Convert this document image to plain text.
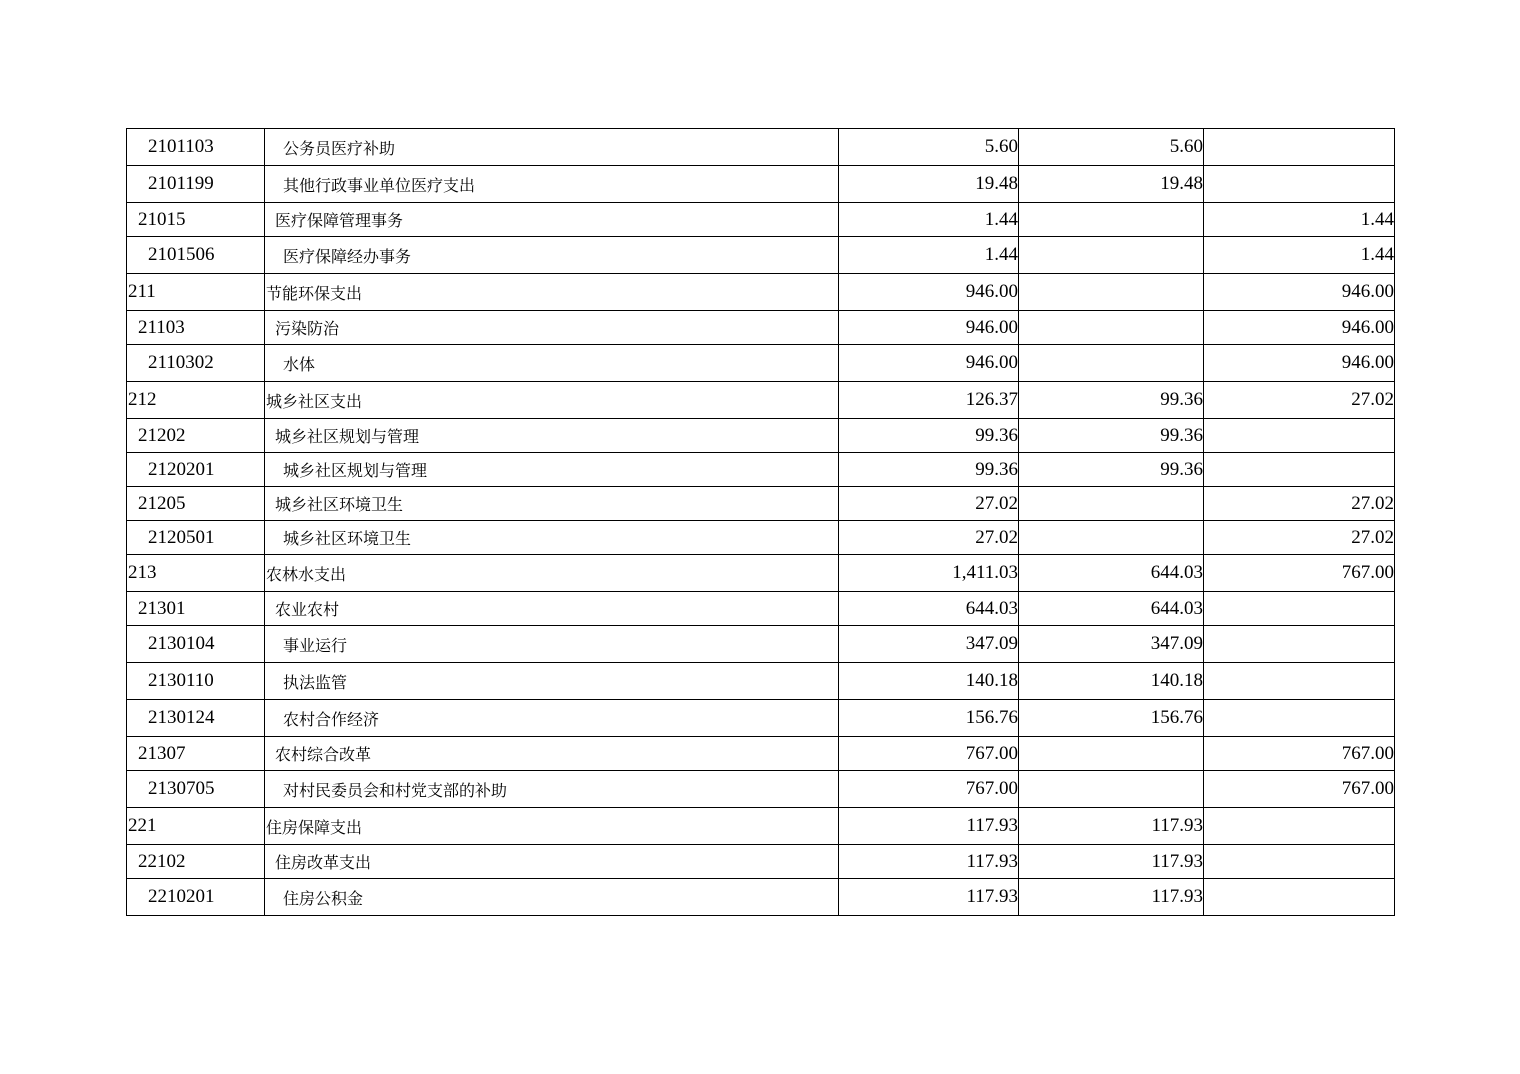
2101103	公务员医疗补助	5.60	5.60	
2101199	其他行政事业单位医疗支出	19.48	19.48	
21015	医疗保障管理事务	1.44		1.44
2101506	医疗保障经办事务	1.44		1.44
211	节能环保支出	946.00		946.00
21103	污染防治	946.00		946.00
2110302	水体	946.00		946.00
212	城乡社区支出	126.37	99.36	27.02
21202	城乡社区规划与管理	99.36	99.36	
2120201	城乡社区规划与管理	99.36	99.36	
21205	城乡社区环境卫生	27.02		27.02
2120501	城乡社区环境卫生	27.02		27.02
213	农林水支出	1,411.03	644.03	767.00
21301	农业农村	644.03	644.03	
2130104	事业运行	347.09	347.09	
2130110	执法监管	140.18	140.18	
2130124	农村合作经济	156.76	156.76	
21307	农村综合改革	767.00		767.00
2130705	对村民委员会和村党支部的补助	767.00		767.00
221	住房保障支出	117.93	117.93	
22102	住房改革支出	117.93	117.93	
2210201	住房公积金	117.93	117.93	
